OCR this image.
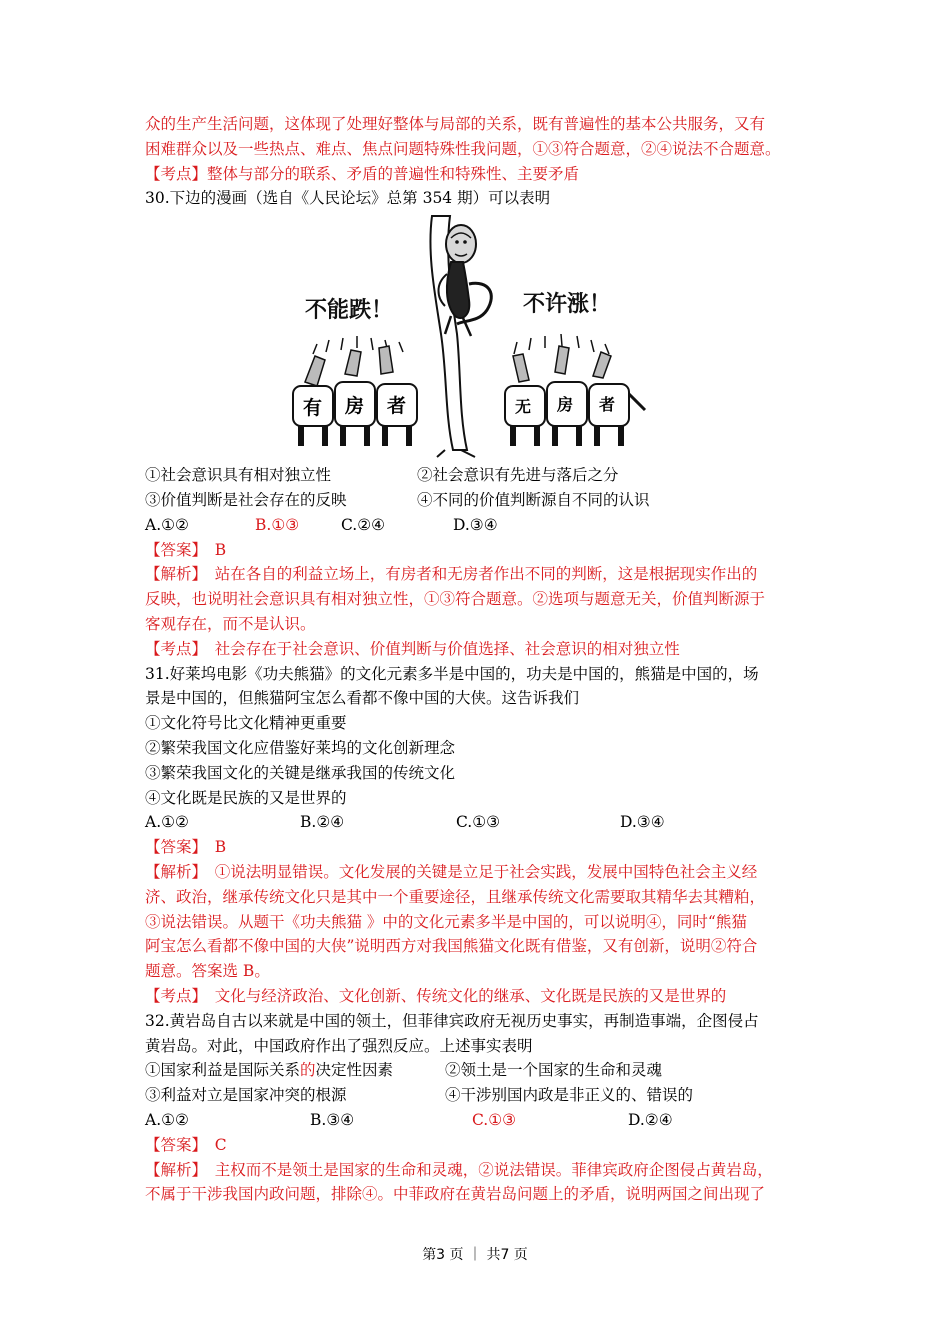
众的生产生活问题，这体现了处理好整体与局部的关系，既有普遍性的基本公共服务，又有
困难群众以及一些热点、难点、焦点问题特殊性我问题，①③符合题意，②④说法不合题意。
【考点】整体与部分的联系、矛盾的普遍性和特殊性、主要矛盾
30.下边的漫画（选自《人民论坛》总第 354 期）可以表明
不能跌！	不许涨！
有 房 者	无 房 者
①社会意识具有相对独立性	②社会意识有先进与落后之分
③价值判断是社会存在的反映	④不同的价值判断源自不同的认识
A.①②	B.①③	C.②④	D.③④
【答案】　B
【解析】　站在各自的利益立场上，有房者和无房者作出不同的判断，这是根据现实作出的
反映，也说明社会意识具有相对独立性，①③符合题意。②选项与题意无关，价值判断源于
客观存在，而不是认识。
【考点】　社会存在于社会意识、价值判断与价值选择、社会意识的相对独立性
31.好莱坞电影《功夫熊猫》的文化元素多半是中国的，功夫是中国的，熊猫是中国的，场
景是中国的，但熊猫阿宝怎么看都不像中国的大侠。这告诉我们
①文化符号比文化精神更重要
②繁荣我国文化应借鉴好莱坞的文化创新理念
③繁荣我国文化的关键是继承我国的传统文化
④文化既是民族的又是世界的
A.①②	B.②④	C.①③	D.③④
【答案】　B
【解析】　①说法明显错误。文化发展的关键是立足于社会实践，发展中国特色社会主义经
济、政治，继承传统文化只是其中一个重要途径，且继承传统文化需要取其精华去其糟粕，
③说法错误。从题干《功夫熊猫 》中的文化元素多半是中国的，可以说明④，同时“熊猫
阿宝怎么看都不像中国的大侠”说明西方对我国熊猫文化既有借鉴，又有创新，说明②符合
题意。答案选 B。
【考点】　文化与经济政治、文化创新、传统文化的继承、文化既是民族的又是世界的
32.黄岩岛自古以来就是中国的领土，但菲律宾政府无视历史事实，再制造事端，企图侵占
黄岩岛。对此，中国政府作出了强烈反应。上述事实表明
①国家利益是国际关系的决定性因素	②领土是一个国家的生命和灵魂
③利益对立是国家冲突的根源	④干涉别国内政是非正义的、错误的
A.①②	B.③④	C.①③	D.②④
【答案】　C
【解析】　主权而不是领土是国家的生命和灵魂，②说法错误。菲律宾政府企图侵占黄岩岛，
不属于干涉我国内政问题，排除④。中菲政府在黄岩岛问题上的矛盾，说明两国之间出现了
第3 页 ｜ 共7 页
